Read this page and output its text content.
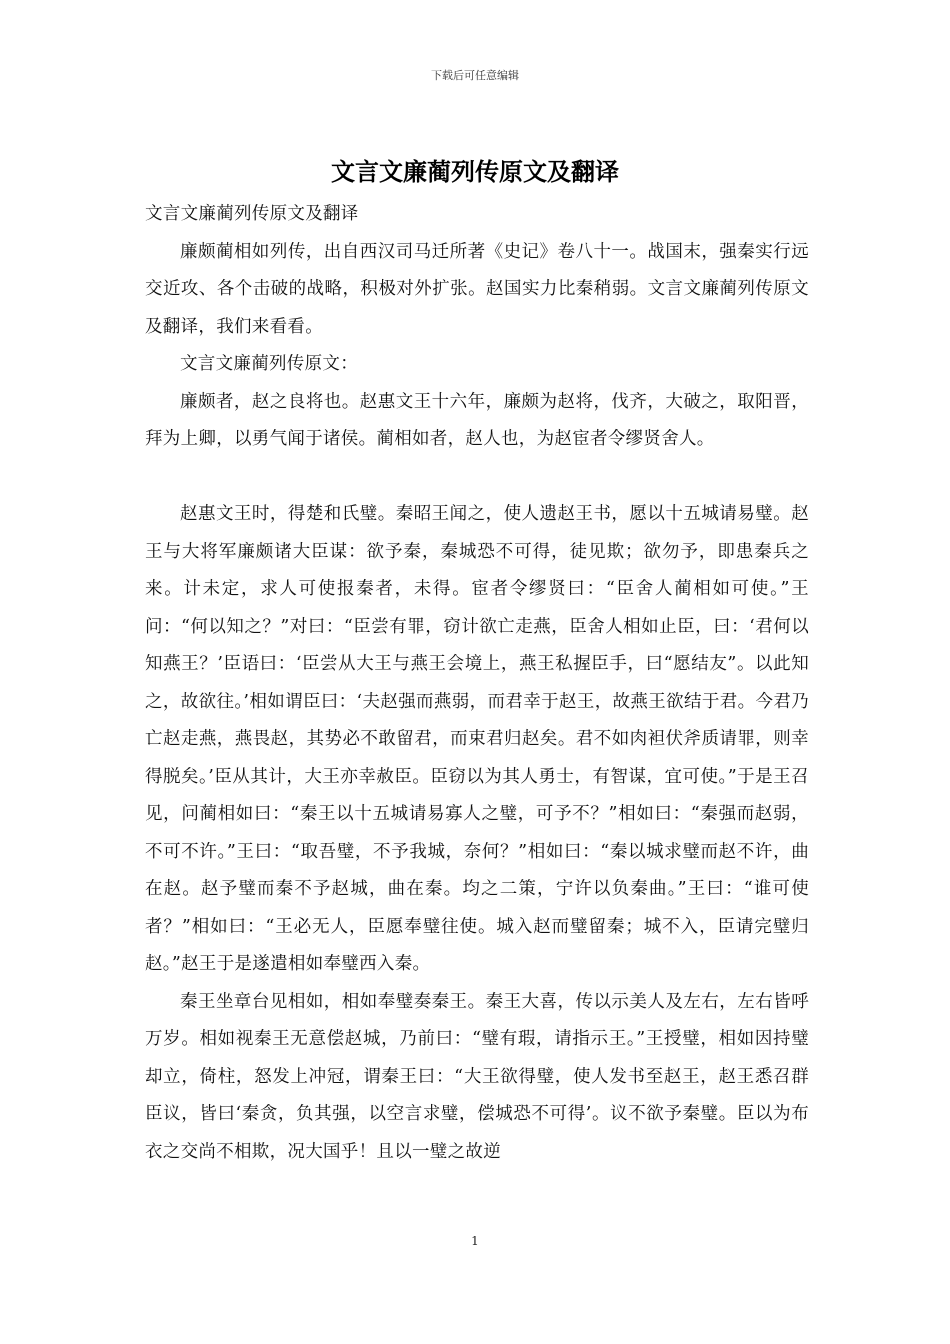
下载后可任意编辑
文言文廉蔺列传原文及翻译

文言文廉蔺列传原文及翻译

廉颇蔺相如列传，出自西汉司马迁所著《史记》卷八十一。战国末，强秦实行远交近攻、各个击破的战略，积极对外扩张。赵国实力比秦稍弱。文言文廉蔺列传原文及翻译，我们来看看。

文言文廉蔺列传原文：

廉颇者，赵之良将也。赵惠文王十六年，廉颇为赵将，伐齐，大破之，取阳晋，拜为上卿，以勇气闻于诸侯。蔺相如者，赵人也，为赵宦者令缪贤舍人。

赵惠文王时，得楚和氏璧。秦昭王闻之，使人遗赵王书，愿以十五城请易璧。赵王与大将军廉颇诸大臣谋：欲予秦，秦城恐不可得，徒见欺；欲勿予，即患秦兵之来。计未定，求人可使报秦者，未得。宦者令缪贤曰：“臣舍人蔺相如可使。”王问：“何以知之？”对曰：“臣尝有罪，窃计欲亡走燕，臣舍人相如止臣，曰：‘君何以知燕王？’臣语曰：‘臣尝从大王与燕王会境上，燕王私握臣手，曰“愿结友”。以此知之，故欲往。’相如谓臣曰：‘夫赵强而燕弱，而君幸于赵王，故燕王欲结于君。今君乃亡赵走燕，燕畏赵，其势必不敢留君，而束君归赵矣。君不如肉袒伏斧质请罪，则幸得脱矣。’臣从其计，大王亦幸赦臣。臣窃以为其人勇士，有智谋，宜可使。”于是王召见，问蔺相如曰：“秦王以十五城请易寡人之璧，可予不？”相如曰：“秦强而赵弱，不可不许。”王曰：“取吾璧，不予我城，奈何？”相如曰：“秦以城求璧而赵不许，曲在赵。赵予璧而秦不予赵城，曲在秦。均之二策，宁许以负秦曲。”王曰：“谁可使者？”相如曰：“王必无人，臣愿奉璧往使。城入赵而璧留秦；城不入，臣请完璧归赵。”赵王于是遂遣相如奉璧西入秦。

秦王坐章台见相如，相如奉璧奏秦王。秦王大喜，传以示美人及左右，左右皆呼万岁。相如视秦王无意偿赵城，乃前曰：“璧有瑕，请指示王。”王授璧，相如因持璧却立，倚柱，怒发上冲冠，谓秦王曰：“大王欲得璧，使人发书至赵王，赵王悉召群臣议，皆曰‘秦贪，负其强，以空言求璧，偿城恐不可得’。议不欲予秦璧。臣以为布衣之交尚不相欺，况大国乎！且以一璧之故逆

1
